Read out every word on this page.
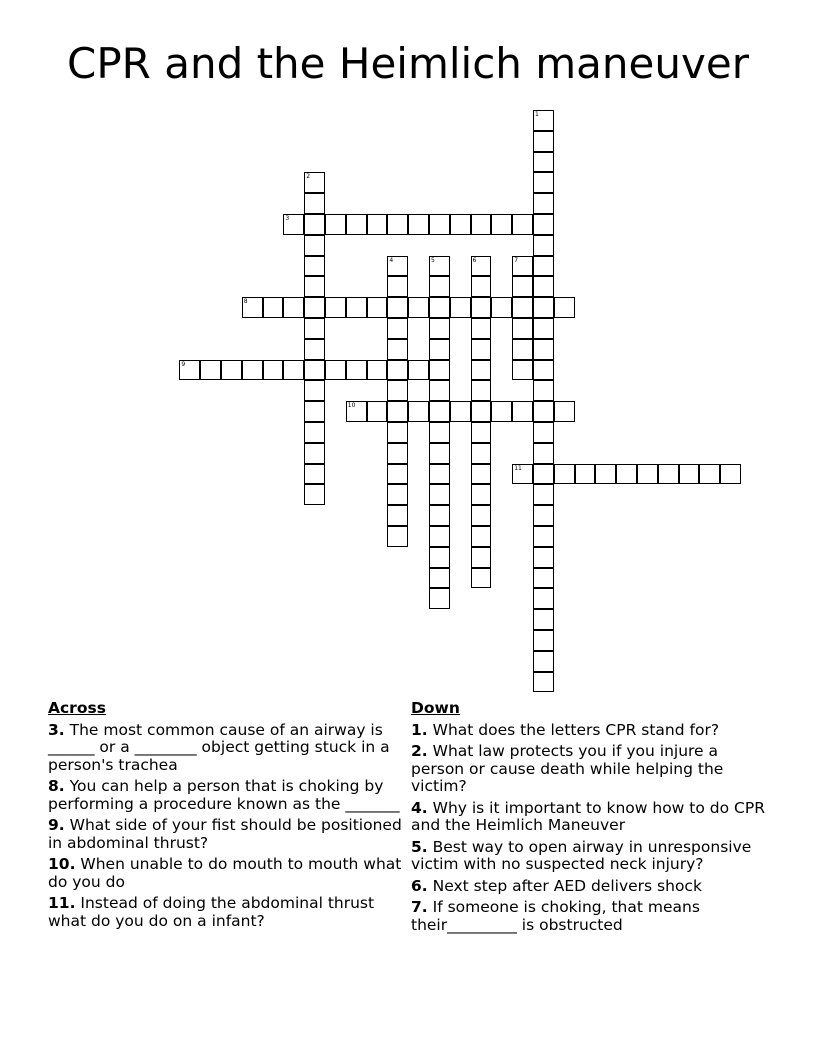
CPR and the Heimlich maneuver
1
2
3
4	5	6	7
8
9
10
11
Across
3. The most common cause of an airway is ______ or a ________ object getting stuck in a person's trachea
8. You can help a person that is choking by performing a procedure known as the _______
9. What side of your fist should be positioned in abdominal thrust?
10. When unable to do mouth to mouth what do you do
11. Instead of doing the abdominal thrust what do you do on a infant?
Down
1. What does the letters CPR stand for?
2. What law protects you if you injure a person or cause death while helping the victim?
4. Why is it important to know how to do CPR and the Heimlich Maneuver
5. Best way to open airway in unresponsive victim with no suspected neck injury?
6. Next step after AED delivers shock
7. If someone is choking, that means their_________ is obstructed
